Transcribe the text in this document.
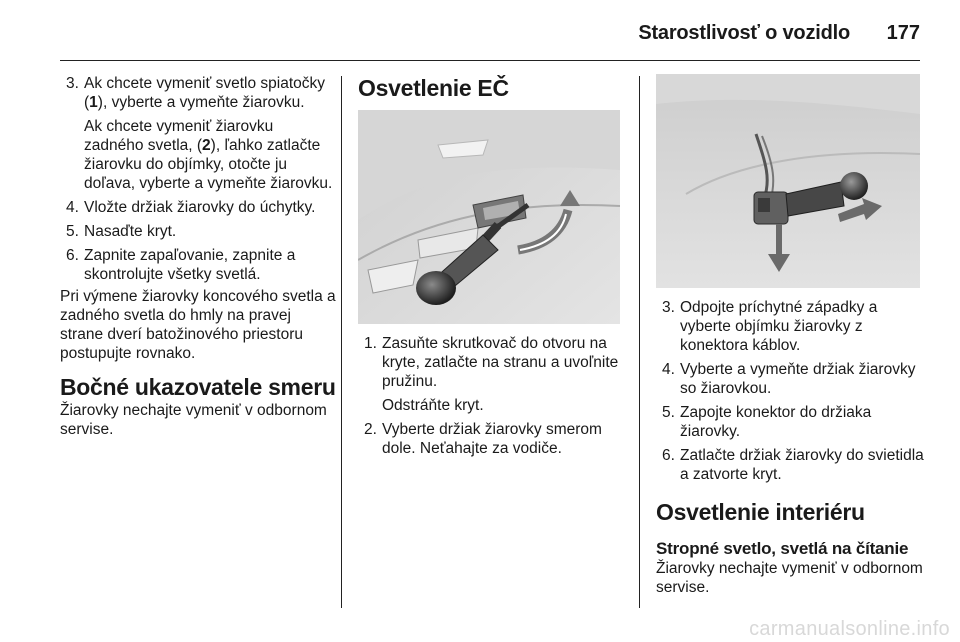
Starostlivosť o vozidlo	177
3. Ak chcete vymeniť svetlo spiatočky (1), vyberte a vymeňte žiarovku.
Ak chcete vymeniť žiarovku zadného svetla, (2), ľahko zatlačte žiarovku do objímky, otočte ju doľava, vyberte a vymeňte žiarovku.
4. Vložte držiak žiarovky do úchytky.
5. Nasaďte kryt.
6. Zapnite zapaľovanie, zapnite a skontrolujte všetky svetlá.

Pri výmene žiarovky koncového svetla a zadného svetla do hmly na pravej strane dverí batožinového priestoru postupujte rovnako.

Bočné ukazovatele smeru

Žiarovky nechajte vymeniť v odbornom servise.

Osvetlenie EČ
1. Zasuňte skrutkovač do otvoru na kryte, zatlačte na stranu a uvoľnite pružinu.
Odstráňte kryt.
2. Vyberte držiak žiarovky smerom dole. Neťahajte za vodiče.
3. Odpojte príchytné západky a vyberte objímku žiarovky z konektora káblov.
4. Vyberte a vymeňte držiak žiarovky so žiarovkou.
5. Zapojte konektor do držiaka žiarovky.
6. Zatlačte držiak žiarovky do svietidla a zatvorte kryt.
Osvetlenie interiéru
Stropné svetlo, svetlá na čítanie

Žiarovky nechajte vymeniť v odbornom servise.

carmanualsonline.info
